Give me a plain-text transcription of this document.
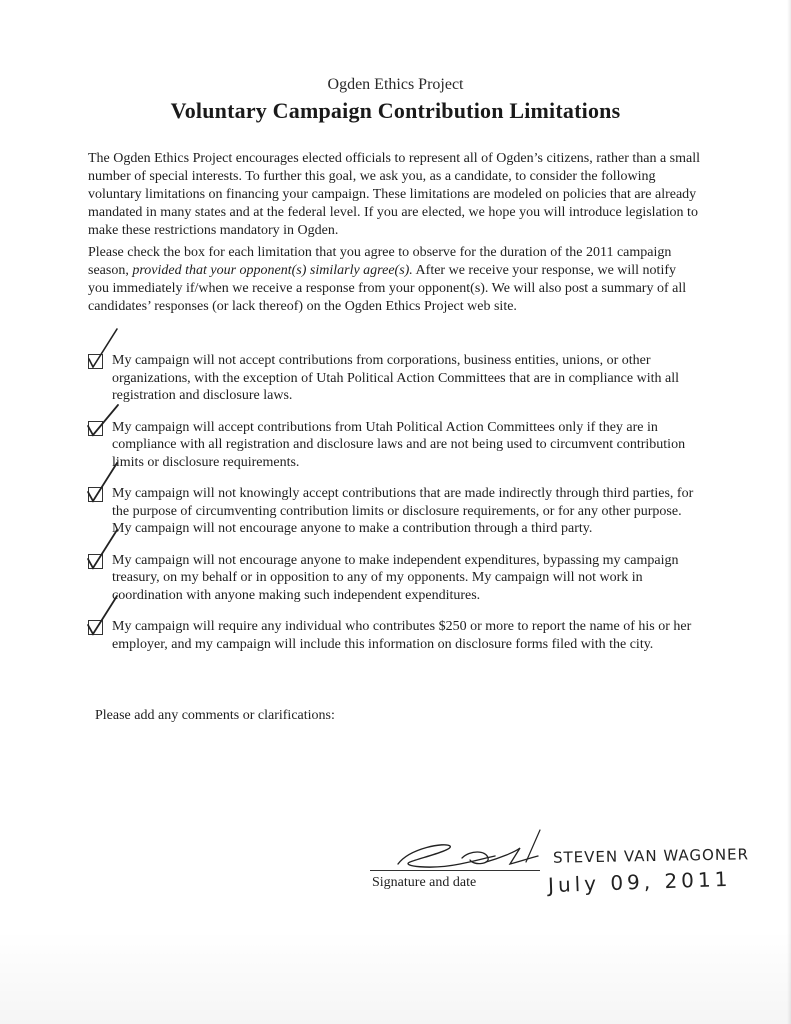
Ogden Ethics Project
Voluntary Campaign Contribution Limitations

The Ogden Ethics Project encourages elected officials to represent all of Ogden’s citizens, rather than a small number of special interests. To further this goal, we ask you, as a candidate, to consider the following voluntary limitations on financing your campaign. These limitations are modeled on policies that are already mandated in many states and at the federal level. If you are elected, we hope you will introduce legislation to make these restrictions mandatory in Ogden.

Please check the box for each limitation that you agree to observe for the duration of the 2011 campaign season, provided that your opponent(s) similarly agree(s). After we receive your response, we will notify you immediately if/when we receive a response from your opponent(s). We will also post a summary of all candidates’ responses (or lack thereof) on the Ogden Ethics Project web site.

My campaign will not accept contributions from corporations, business entities, unions, or other organizations, with the exception of Utah Political Action Committees that are in compliance with all registration and disclosure laws.
My campaign will accept contributions from Utah Political Action Committees only if they are in compliance with all registration and disclosure laws and are not being used to circumvent contribution limits or disclosure requirements.
My campaign will not knowingly accept contributions that are made indirectly through third parties, for the purpose of circumventing contribution limits or disclosure requirements, or for any other purpose. My campaign will not encourage anyone to make a contribution through a third party.
My campaign will not encourage anyone to make independent expenditures, bypassing my campaign treasury, on my behalf or in opposition to any of my opponents. My campaign will not work in coordination with anyone making such independent expenditures.
My campaign will require any individual who contributes $250 or more to report the name of his or her employer, and my campaign will include this information on disclosure forms filed with the city.
Please add any comments or clarifications:
Signature and date
STEVEN VAN WAGONER
July 09, 2011
